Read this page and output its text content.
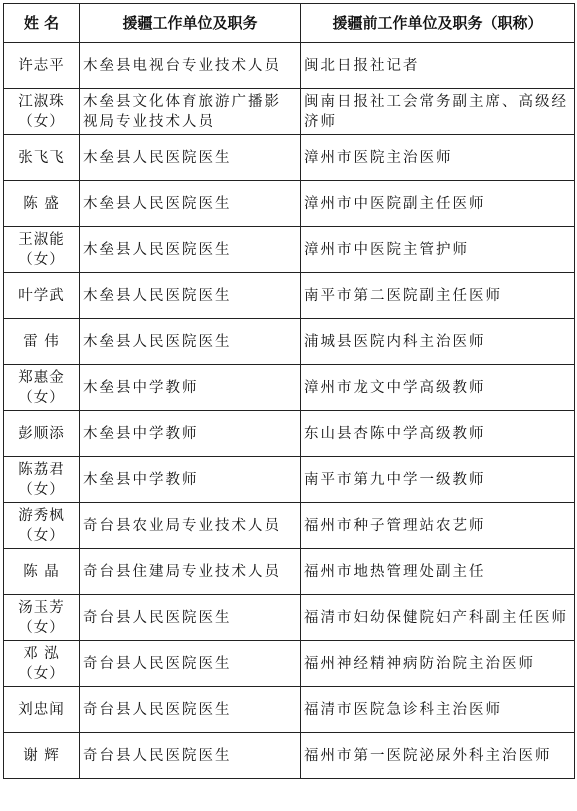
姓 名	援疆工作单位及职务	援疆前工作单位及职务（职称）

许志平	木垒县电视台专业技术人员	闽北日报社记者

江淑珠
（女）	木垒县文化体育旅游广播影视局专业技术人员	闽南日报社工会常务副主席、高级经济师

张飞飞	木垒县人民医院医生	漳州市医院主治医师

陈 盛	木垒县人民医院医生	漳州市中医院副主任医师

王淑能
（女）	木垒县人民医院医生	漳州市中医院主管护师

叶学武	木垒县人民医院医生	南平市第二医院副主任医师

雷 伟	木垒县人民医院医生	浦城县医院内科主治医师

郑惠金
（女）	木垒县中学教师	漳州市龙文中学高级教师

彭顺添	木垒县中学教师	东山县杏陈中学高级教师

陈荔君
（女）	木垒县中学教师	南平市第九中学一级教师

游秀枫
（女）	奇台县农业局专业技术人员	福州市种子管理站农艺师

陈 晶	奇台县住建局专业技术人员	福州市地热管理处副主任

汤玉芳
（女）	奇台县人民医院医生	福清市妇幼保健院妇产科副主任医师

邓 泓
（女）	奇台县人民医院医生	福州神经精神病防治院主治医师

刘忠闻	奇台县人民医院医生	福清市医院急诊科主治医师

谢 辉	奇台县人民医院医生	福州市第一医院泌尿外科主治医师
